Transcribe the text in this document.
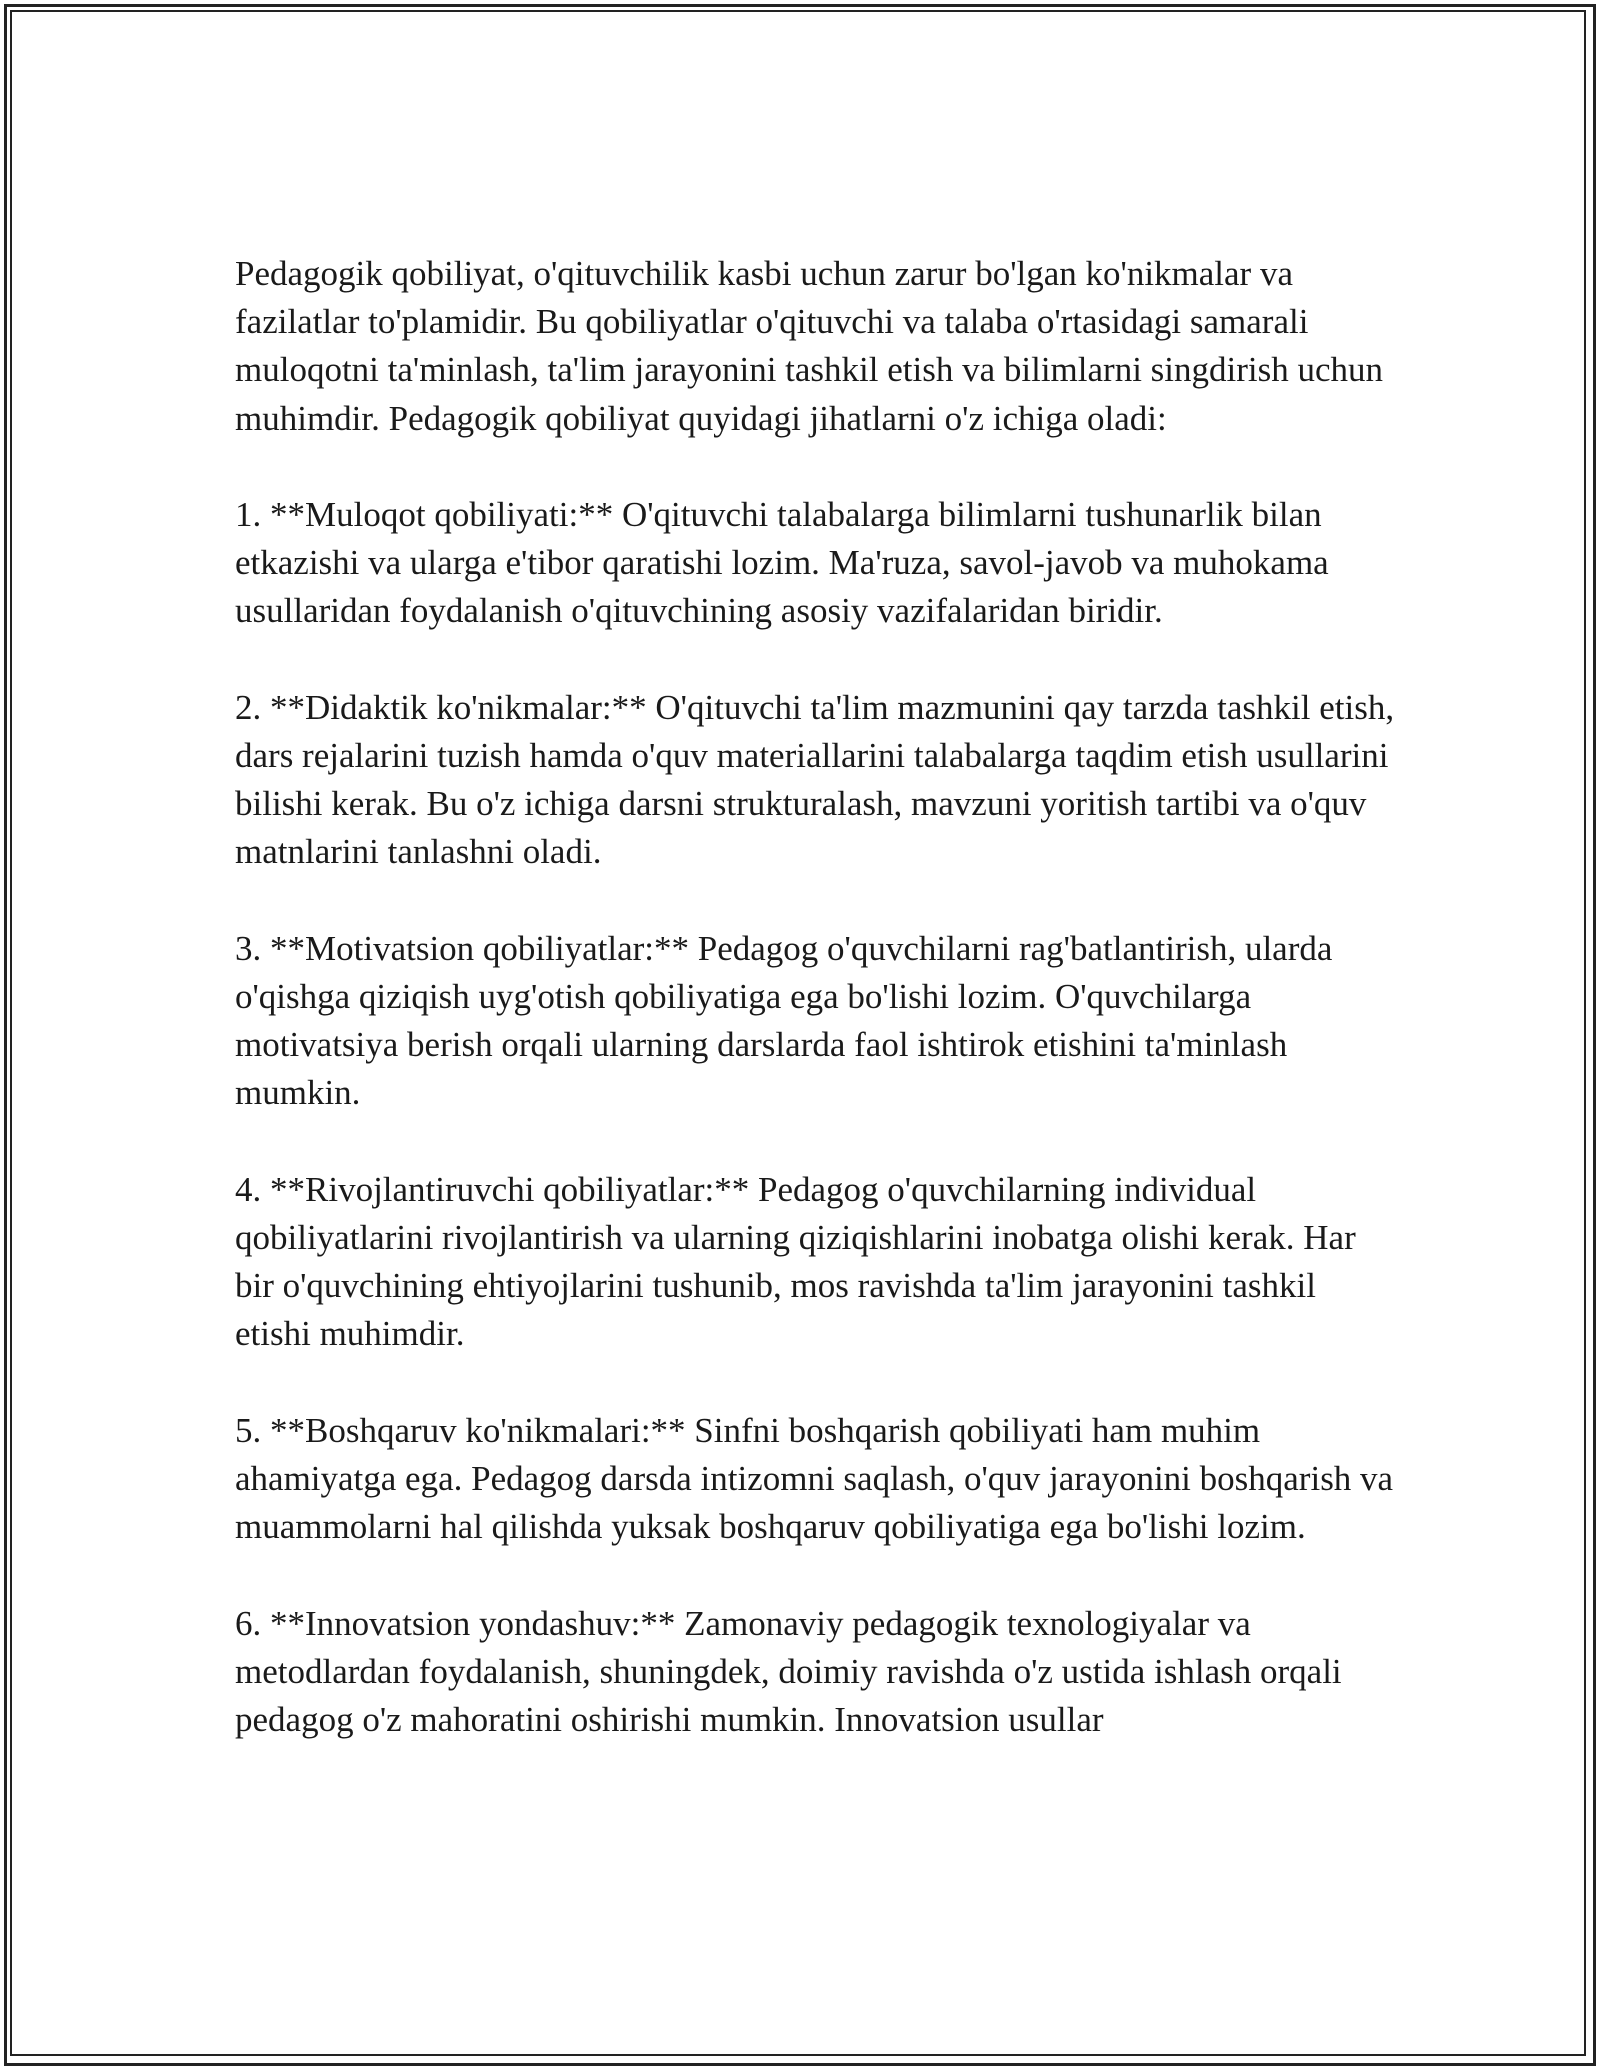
Pedagogik qobiliyat, o'qituvchilik kasbi uchun zarur bo'lgan ko'nikmalar va fazilatlar to'plamidir. Bu qobiliyatlar o'qituvchi va talaba o'rtasidagi samarali muloqotni ta'minlash, ta'lim jarayonini tashkil etish va bilimlarni singdirish uchun muhimdir. Pedagogik qobiliyat quyidagi jihatlarni o'z ichiga oladi:

1. **Muloqot qobiliyati:** O'qituvchi talabalarga bilimlarni tushunarlik bilan etkazishi va ularga e'tibor qaratishi lozim. Ma'ruza, savol-javob va muhokama usullaridan foydalanish o'qituvchining asosiy vazifalaridan biridir.

2. **Didaktik ko'nikmalar:** O'qituvchi ta'lim mazmunini qay tarzda tashkil etish, dars rejalarini tuzish hamda o'quv materiallarini talabalarga taqdim etish usullarini bilishi kerak. Bu o'z ichiga darsni strukturalash, mavzuni yoritish tartibi va o'quv matnlarini tanlashni oladi.

3. **Motivatsion qobiliyatlar:** Pedagog o'quvchilarni rag'batlantirish, ularda o'qishga qiziqish uyg'otish qobiliyatiga ega bo'lishi lozim. O'quvchilarga motivatsiya berish orqali ularning darslarda faol ishtirok etishini ta'minlash mumkin.

4. **Rivojlantiruvchi qobiliyatlar:** Pedagog o'quvchilarning individual qobiliyatlarini rivojlantirish va ularning qiziqishlarini inobatga olishi kerak. Har bir o'quvchining ehtiyojlarini tushunib, mos ravishda ta'lim jarayonini tashkil etishi muhimdir.

5. **Boshqaruv ko'nikmalari:** Sinfni boshqarish qobiliyati ham muhim ahamiyatga ega. Pedagog darsda intizomni saqlash, o'quv jarayonini boshqarish va muammolarni hal qilishda yuksak boshqaruv qobiliyatiga ega bo'lishi lozim.

6. **Innovatsion yondashuv:** Zamonaviy pedagogik texnologiyalar va metodlardan foydalanish, shuningdek, doimiy ravishda o'z ustida ishlash orqali pedagog o'z mahoratini oshirishi mumkin. Innovatsion usullar
